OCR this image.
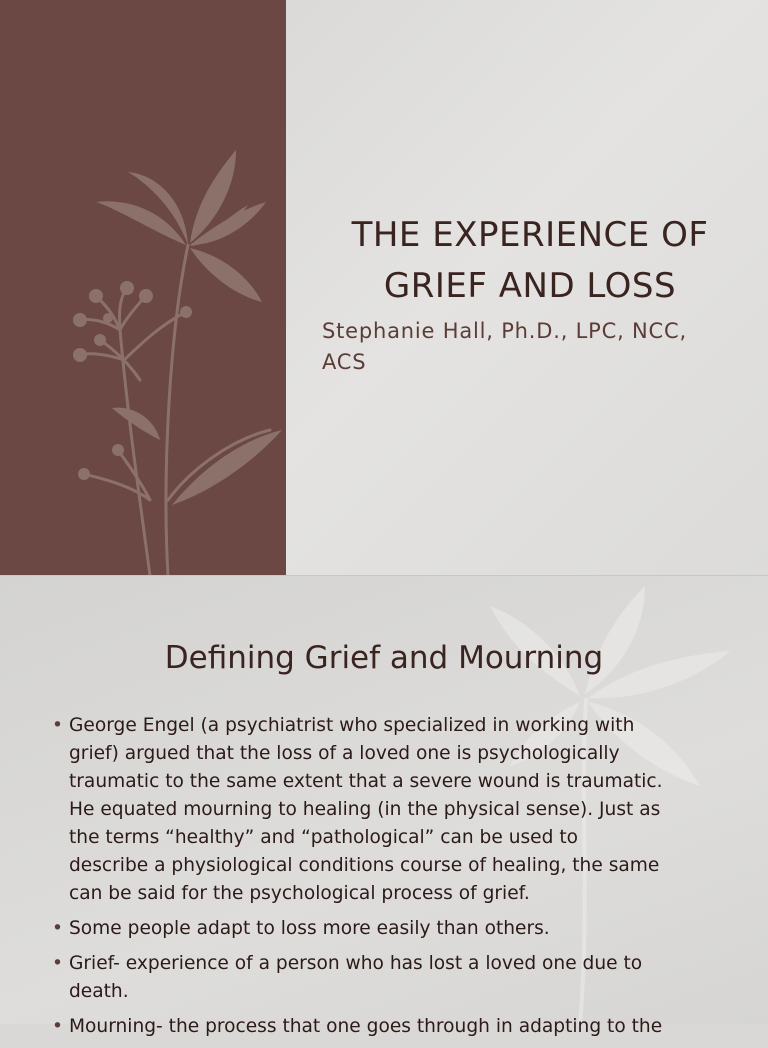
THE EXPERIENCE OF
GRIEF AND LOSS
Stephanie Hall, Ph.D., LPC, NCC,
ACS
Defining Grief and Mourning
• George Engel (a psychiatrist who specialized in working with
grief) argued that the loss of a loved one is psychologically
traumatic to the same extent that a severe wound is traumatic.
He equated mourning to healing (in the physical sense). Just as
the terms “healthy” and “pathological” can be used to
describe a physiological conditions course of healing, the same
can be said for the psychological process of grief.
• Some people adapt to loss more easily than others.
• Grief- experience of a person who has lost a loved one due to
death.
• Mourning- the process that one goes through in adapting to the
